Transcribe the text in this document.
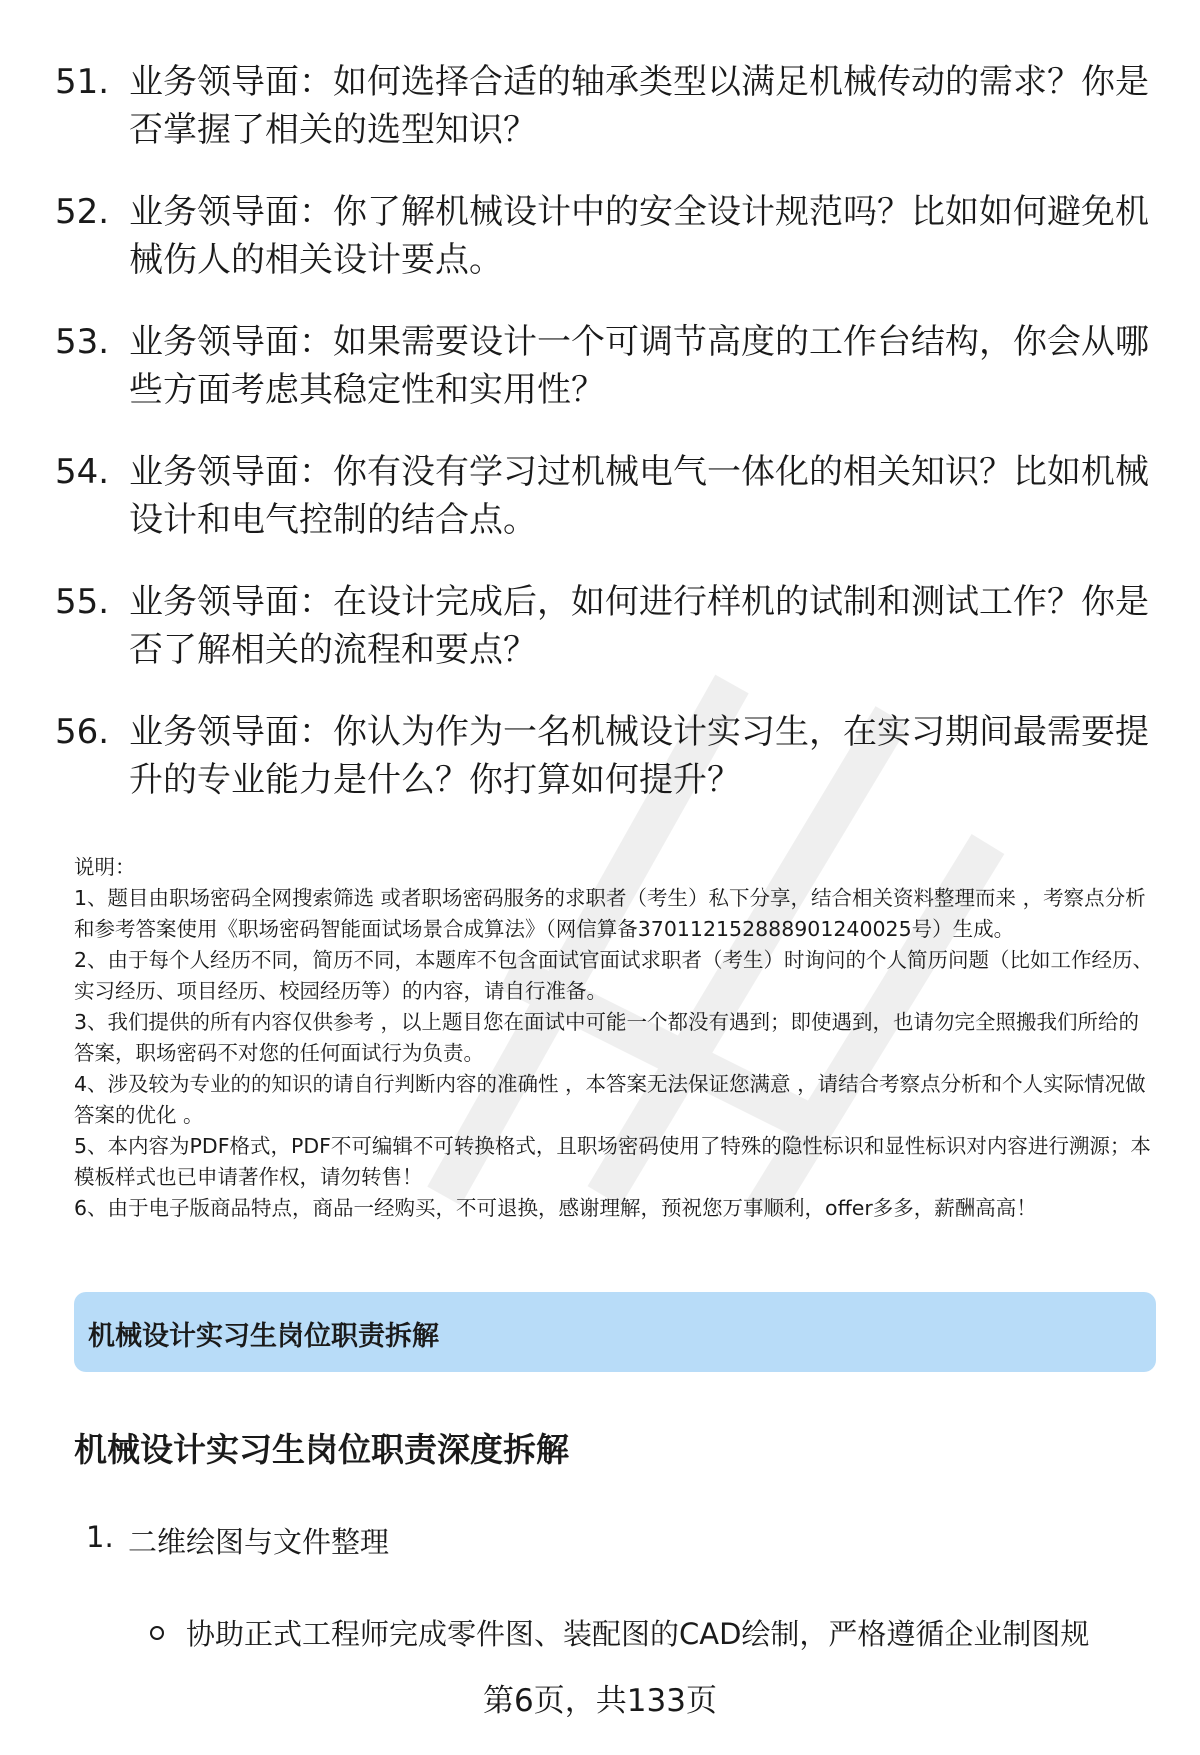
51. 业务领导面：如何选择合适的轴承类型以满足机械传动的需求？你是否掌握了相关的选型知识？
52. 业务领导面：你了解机械设计中的安全设计规范吗？比如如何避免机械伤人的相关设计要点。
53. 业务领导面：如果需要设计一个可调节高度的工作台结构，你会从哪些方面考虑其稳定性和实用性？
54. 业务领导面：你有没有学习过机械电气一体化的相关知识？比如机械设计和电气控制的结合点。
55. 业务领导面：在设计完成后，如何进行样机的试制和测试工作？你是否了解相关的流程和要点？
56. 业务领导面：你认为作为一名机械设计实习生，在实习期间最需要提升的专业能力是什么？你打算如何提升？
说明：
1、题目由职场密码全网搜索筛选 或者职场密码服务的求职者（考生）私下分享，结合相关资料整理而来 ，考察点分析和参考答案使用《职场密码智能面试场景合成算法》（网信算备370112152888901240025号）生成。
2、由于每个人经历不同，简历不同，本题库不包含面试官面试求职者（考生）时询问的个人简历问题（比如工作经历、实习经历、项目经历、校园经历等）的内容，请自行准备。
3、我们提供的所有内容仅供参考 ，以上题目您在面试中可能一个都没有遇到；即使遇到，也请勿完全照搬我们所给的答案，职场密码不对您的任何面试行为负责。
4、涉及较为专业的的知识的请自行判断内容的准确性 ，本答案无法保证您满意 ，请结合考察点分析和个人实际情况做答案的优化 。
5、本内容为PDF格式，PDF不可编辑不可转换格式，且职场密码使用了特殊的隐性标识和显性标识对内容进行溯源；本模板样式也已申请著作权，请勿转售！
6、由于电子版商品特点，商品一经购买，不可退换，感谢理解，预祝您万事顺利，offer多多，薪酬高高！
机械设计实习生岗位职责拆解
机械设计实习生岗位职责深度拆解
1. 二维绘图与文件整理
协助正式工程师完成零件图、装配图的CAD绘制，严格遵循企业制图规
第6页，共133页
